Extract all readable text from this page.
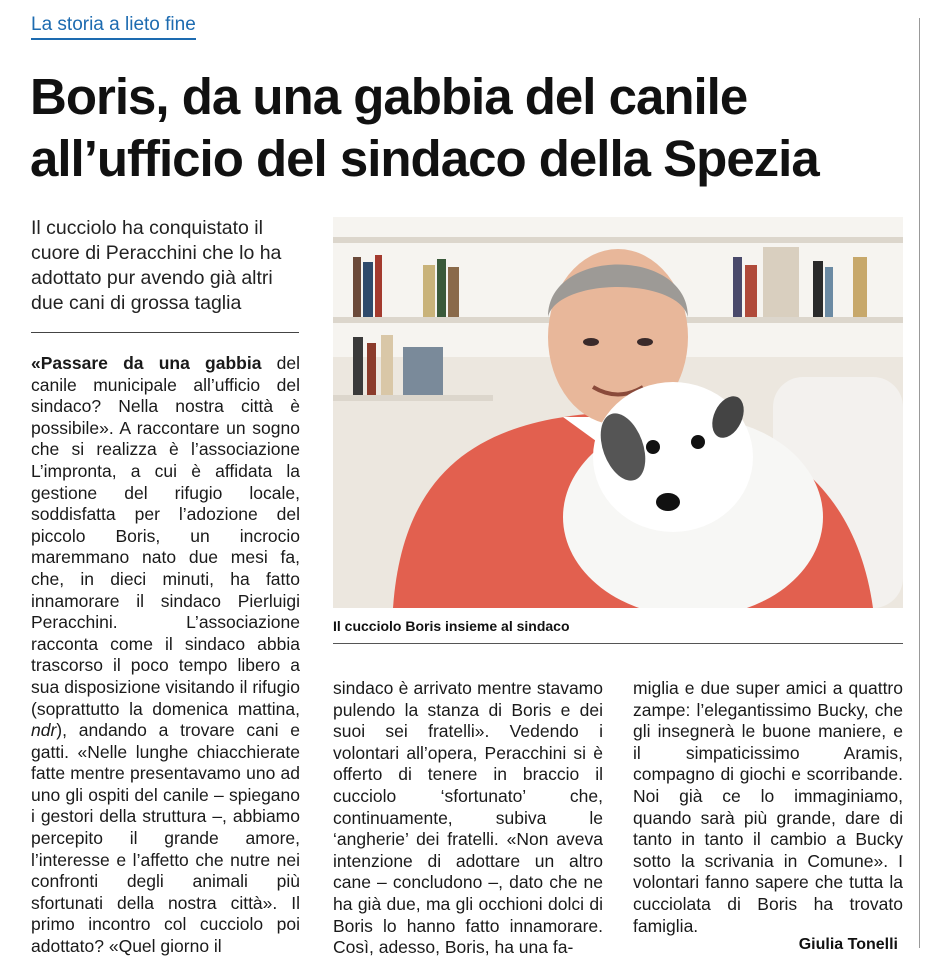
La storia a lieto fine
Boris, da una gabbia del canile
all’ufficio del sindaco della Spezia
Il cucciolo ha conquistato il cuore di Peracchini che lo ha adottato pur avendo già altri due cani di grossa taglia
Il cucciolo Boris insieme al sindaco
«Passare da una gabbia del canile municipale all’ufficio del sindaco? Nella nostra città è possibile». A raccontare un sogno che si realizza è l’associazione L’impronta, a cui è affidata la gestione del rifugio locale, soddisfatta per l’adozione del piccolo Boris, un incrocio maremmano nato due mesi fa, che, in dieci minuti, ha fatto innamorare il sindaco Pierluigi Peracchini. L’associazione racconta come il sindaco abbia trascorso il poco tempo libero a sua disposizione visitando il rifugio (soprattutto la domenica mattina, ndr), andando a trovare cani e gatti. «Nelle lunghe chiacchierate fatte mentre presentavamo uno ad uno gli ospiti del canile – spiegano i gestori della struttura –, abbiamo percepito il grande amore, l’interesse e l’affetto che nutre nei confronti degli animali più sfortunati della nostra città». Il primo incontro col cucciolo poi adottato? «Quel giorno il
sindaco è arrivato mentre stavamo pulendo la stanza di Boris e dei suoi sei fratelli». Vedendo i volontari all’opera, Peracchini si è offerto di tenere in braccio il cucciolo ‘sfortunato’ che, continuamente, subiva le ‘angherie’ dei fratelli. «Non aveva intenzione di adottare un altro cane – concludono –, dato che ne ha già due, ma gli occhioni dolci di Boris lo hanno fatto innamorare. Così, adesso, Boris, ha una fa-
miglia e due super amici a quattro zampe: l’elegantissimo Bucky, che gli insegnerà le buone maniere, e il simpaticissimo Aramis, compagno di giochi e scorribande. Noi già ce lo immaginiamo, quando sarà più grande, dare di tanto in tanto il cambio a Bucky sotto la scrivania in Comune». I volontari fanno sapere che tutta la cucciolata di Boris ha trovato famiglia.
Giulia Tonelli
